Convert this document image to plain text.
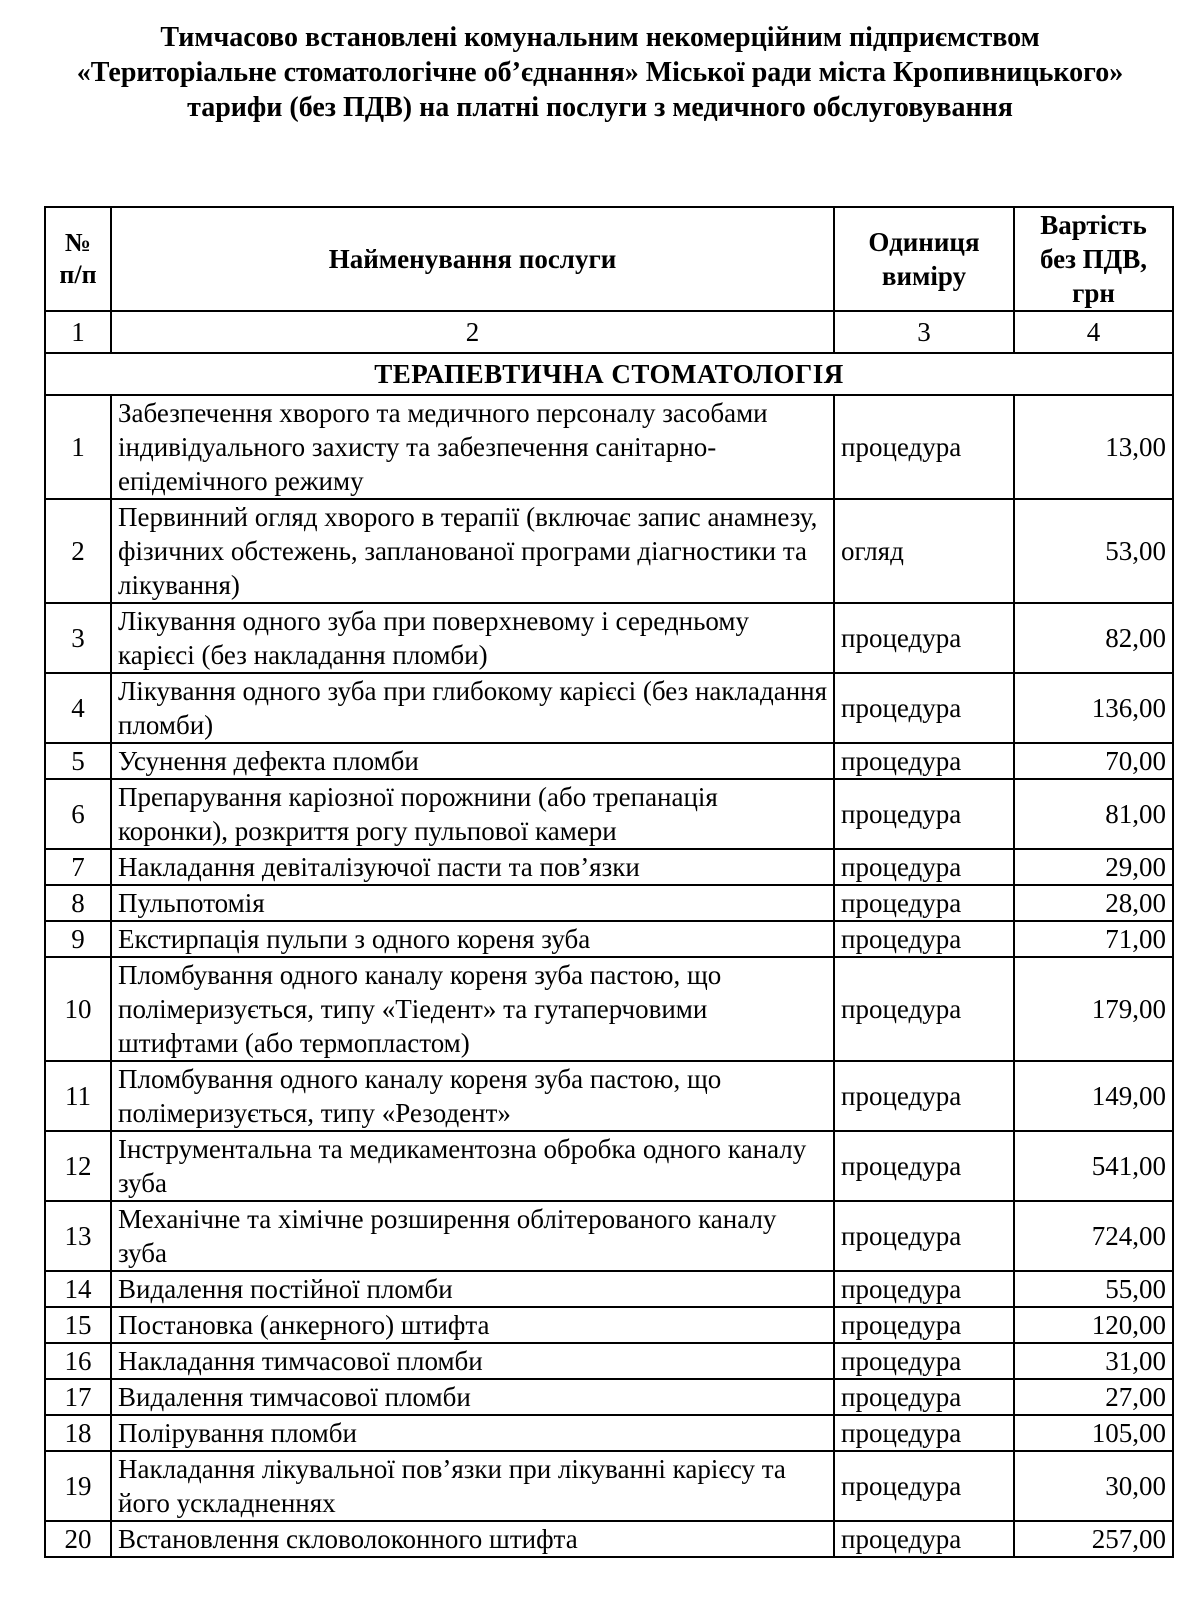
Тимчасово встановлені комунальним некомерційним підприємством «Територіальне стоматологічне об’єднання» Міської ради міста Кропивницького» тарифи (без ПДВ) на платні послуги з медичного обслуговування
№ п/п	Найменування послуги	Одиниця виміру	Вартість без ПДВ, грн
1	2	3	4
ТЕРАПЕВТИЧНА СТОМАТОЛОГІЯ			
1	Забезпечення хворого та медичного персоналу засобами індивідуального захисту та забезпечення санітарно-епідемічного режиму	процедура	13,00
2	Первинний огляд хворого в терапії (включає запис анамнезу, фізичних обстежень, запланованої програми діагностики та лікування)	огляд	53,00
3	Лікування одного зуба при поверхневому і середньому карієсі (без накладання пломби)	процедура	82,00
4	Лікування одного зуба при глибокому карієсі (без накладання пломби)	процедура	136,00
5	Усунення дефекта пломби	процедура	70,00
6	Препарування каріозної порожнини (або трепанація коронки), розкриття рогу пульпової камери	процедура	81,00
7	Накладання девіталізуючої пасти та пов’язки	процедура	29,00
8	Пульпотомія	процедура	28,00
9	Екстирпація пульпи з одного кореня зуба	процедура	71,00
10	Пломбування одного каналу кореня зуба пастою, що полімеризується, типу «Тіедент» та гутаперчовими штифтами (або термопластом)	процедура	179,00
11	Пломбування одного каналу кореня зуба пастою, що полімеризується, типу «Резодент»	процедура	149,00
12	Інструментальна та медикаментозна обробка одного каналу зуба	процедура	541,00
13	Механічне та хімічне розширення облітерованого каналу зуба	процедура	724,00
14	Видалення постійної пломби	процедура	55,00
15	Постановка (анкерного) штифта	процедура	120,00
16	Накладання тимчасової пломби	процедура	31,00
17	Видалення тимчасової пломби	процедура	27,00
18	Полірування пломби	процедура	105,00
19	Накладання лікувальної пов’язки при лікуванні карієсу та його ускладненнях	процедура	30,00
20	Встановлення скловолоконного штифта	процедура	257,00
